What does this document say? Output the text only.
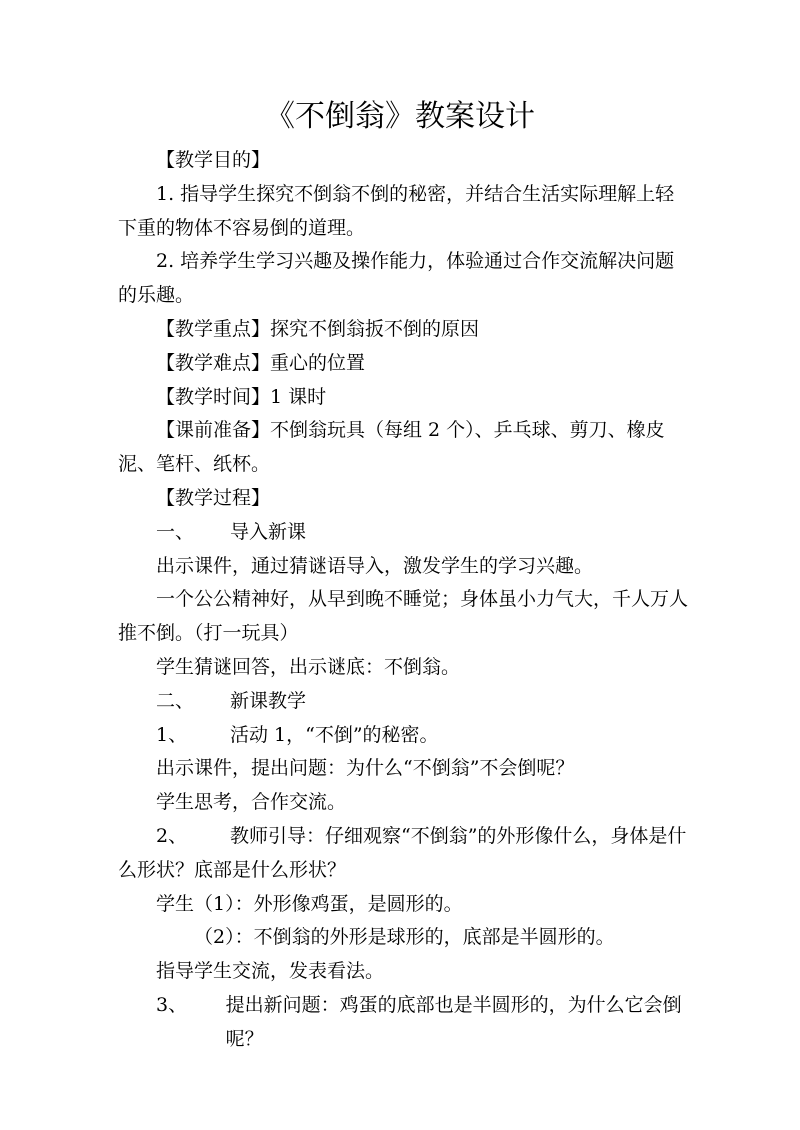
《不倒翁》教案设计

【教学目的】

1. 指导学生探究不倒翁不倒的秘密，并结合生活实际理解上轻下重的物体不容易倒的道理。

2. 培养学生学习兴趣及操作能力，体验通过合作交流解决问题的乐趣。

【教学重点】探究不倒翁扳不倒的原因

【教学难点】重心的位置

【教学时间】1 课时

【课前准备】不倒翁玩具（每组 2 个）、乒乓球、剪刀、橡皮泥、笔杆、纸杯。

【教学过程】

一、	导入新课

出示课件，通过猜谜语导入，激发学生的学习兴趣。

一个公公精神好，从早到晚不睡觉；身体虽小力气大，千人万人推不倒。（打一玩具）

学生猜谜回答，出示谜底：不倒翁。

二、	新课教学

1、	活动 1，“不倒”的秘密。

出示课件，提出问题：为什么“不倒翁”不会倒呢？

学生思考，合作交流。

2、 教师引导：仔细观察“不倒翁”的外形像什么，身体是什么形状？底部是什么形状？

学生（1）：外形像鸡蛋，是圆形的。

（2）：不倒翁的外形是球形的，底部是半圆形的。

指导学生交流，发表看法。

3、	提出新问题：鸡蛋的底部也是半圆形的，为什么它会倒呢？
